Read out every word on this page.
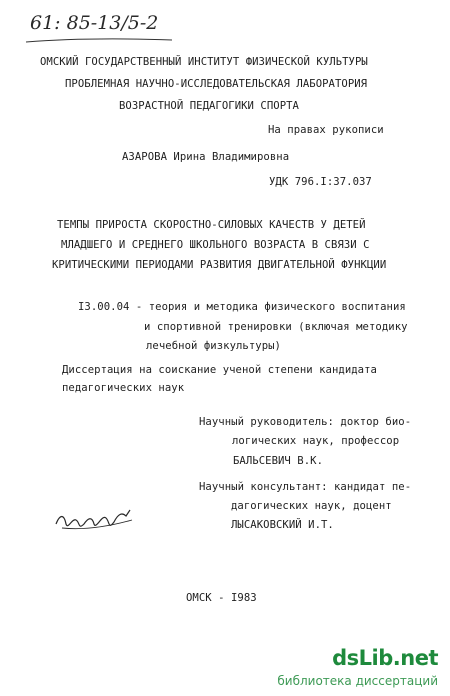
61: 85-13/5-2
ОМСКИЙ ГОСУДАРСТВЕННЫЙ ИНСТИТУТ ФИЗИЧЕСКОЙ КУЛЬТУРЫ
ПРОБЛЕМНАЯ НАУЧНО-ИССЛЕДОВАТЕЛЬСКАЯ ЛАБОРАТОРИЯ
ВОЗРАСТНОЙ ПЕДАГОГИКИ СПОРТА
На правах рукописи
АЗАРОВА Ирина Владимировна
УДК 796.I:37.037
ТЕМПЫ ПРИРОСТА СКОРОСТНО-СИЛОВЫХ КАЧЕСТВ У ДЕТЕЙ
МЛАДШЕГО И СРЕДНЕГО ШКОЛЬНОГО ВОЗРАСТА В СВЯЗИ С
КРИТИЧЕСКИМИ ПЕРИОДАМИ РАЗВИТИЯ ДВИГАТЕЛЬНОЙ ФУНКЦИИ
I3.00.04 - теория и методика физического воспитания
и спортивной тренировки (включая методику
лечебной физкультуры)
Диссертация на соискание ученой степени кандидата
педагогических наук
Научный руководитель: доктор био-
логических наук, профессор
БАЛЬСЕВИЧ В.К.
Научный консультант: кандидат пе-
дагогических наук, доцент
ЛЫСАКОВСКИЙ И.Т.
ОМСК - I983
dsLib.net
библиотека диссертаций
